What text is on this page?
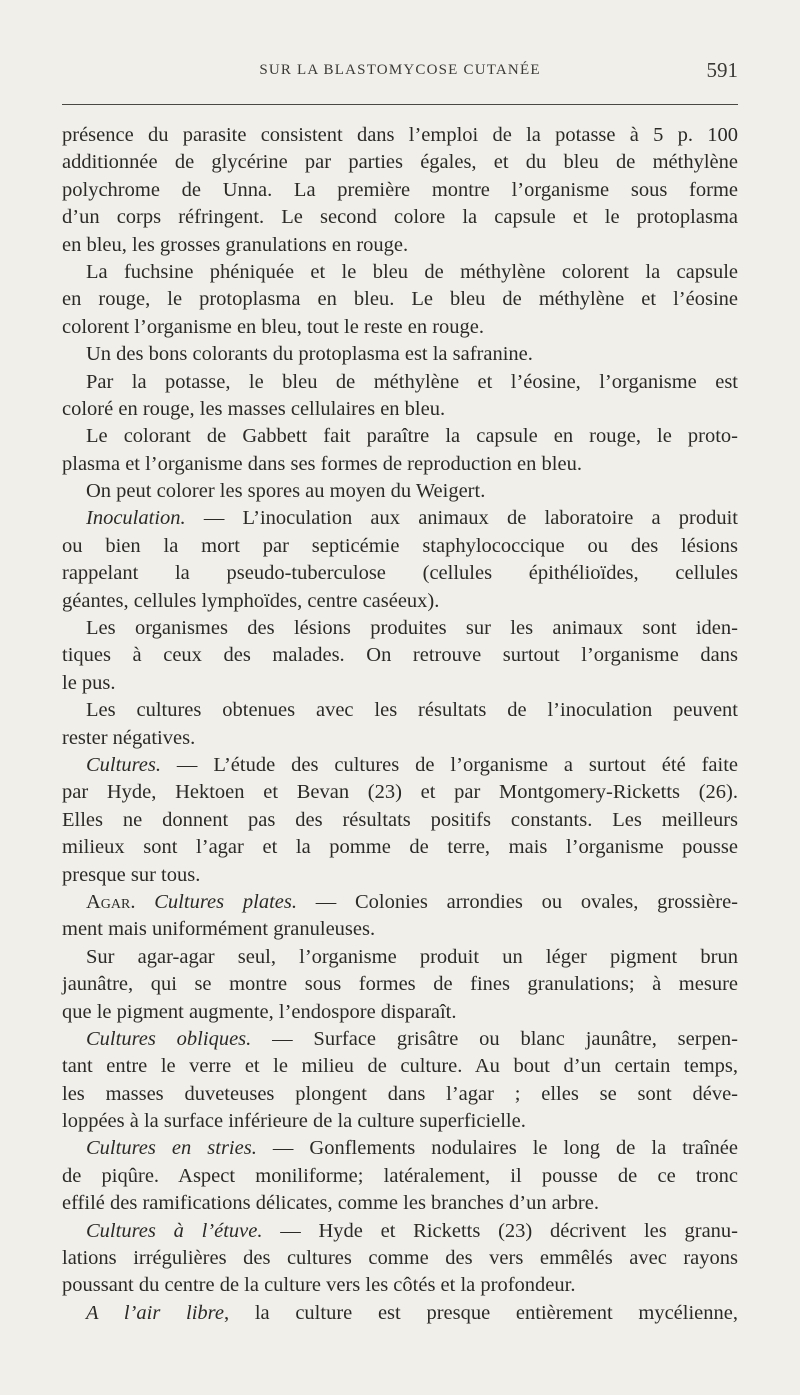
SUR LA BLASTOMYCOSE CUTANÉE	591
présence du parasite consistent dans l’emploi de la potasse à 5 p. 100
additionnée de glycérine par parties égales, et du bleu de méthylène
polychrome de Unna. La première montre l’organisme sous forme
d’un corps réfringent. Le second colore la capsule et le protoplasma
en bleu, les grosses granulations en rouge.
La fuchsine phéniquée et le bleu de méthylène colorent la capsule
en rouge, le protoplasma en bleu. Le bleu de méthylène et l’éosine
colorent l’organisme en bleu, tout le reste en rouge.
Un des bons colorants du protoplasma est la safranine.
Par la potasse, le bleu de méthylène et l’éosine, l’organisme est
coloré en rouge, les masses cellulaires en bleu.
Le colorant de Gabbett fait paraître la capsule en rouge, le proto-
plasma et l’organisme dans ses formes de reproduction en bleu.
On peut colorer les spores au moyen du Weigert.
Inoculation. — L’inoculation aux animaux de laboratoire a produit
ou bien la mort par septicémie staphylococcique ou des lésions
rappelant la pseudo-tuberculose (cellules épithélioïdes, cellules
géantes, cellules lymphoïdes, centre caséeux).
Les organismes des lésions produites sur les animaux sont iden-
tiques à ceux des malades. On retrouve surtout l’organisme dans
le pus.
Les cultures obtenues avec les résultats de l’inoculation peuvent
rester négatives.
Cultures. — L’étude des cultures de l’organisme a surtout été faite
par Hyde, Hektoen et Bevan (23) et par Montgomery-Ricketts (26).
Elles ne donnent pas des résultats positifs constants. Les meilleurs
milieux sont l’agar et la pomme de terre, mais l’organisme pousse
presque sur tous.
Agar. Cultures plates. — Colonies arrondies ou ovales, grossière-
ment mais uniformément granuleuses.
Sur agar-agar seul, l’organisme produit un léger pigment brun
jaunâtre, qui se montre sous formes de fines granulations; à mesure
que le pigment augmente, l’endospore disparaît.
Cultures obliques. — Surface grisâtre ou blanc jaunâtre, serpen-
tant entre le verre et le milieu de culture. Au bout d’un certain temps,
les masses duveteuses plongent dans l’agar ; elles se sont déve-
loppées à la surface inférieure de la culture superficielle.
Cultures en stries. — Gonflements nodulaires le long de la traînée
de piqûre. Aspect moniliforme; latéralement, il pousse de ce tronc
effilé des ramifications délicates, comme les branches d’un arbre.
Cultures à l’étuve. — Hyde et Ricketts (23) décrivent les granu-
lations irrégulières des cultures comme des vers emmêlés avec rayons
poussant du centre de la culture vers les côtés et la profondeur.
A l’air libre, la culture est presque entièrement mycélienne,
